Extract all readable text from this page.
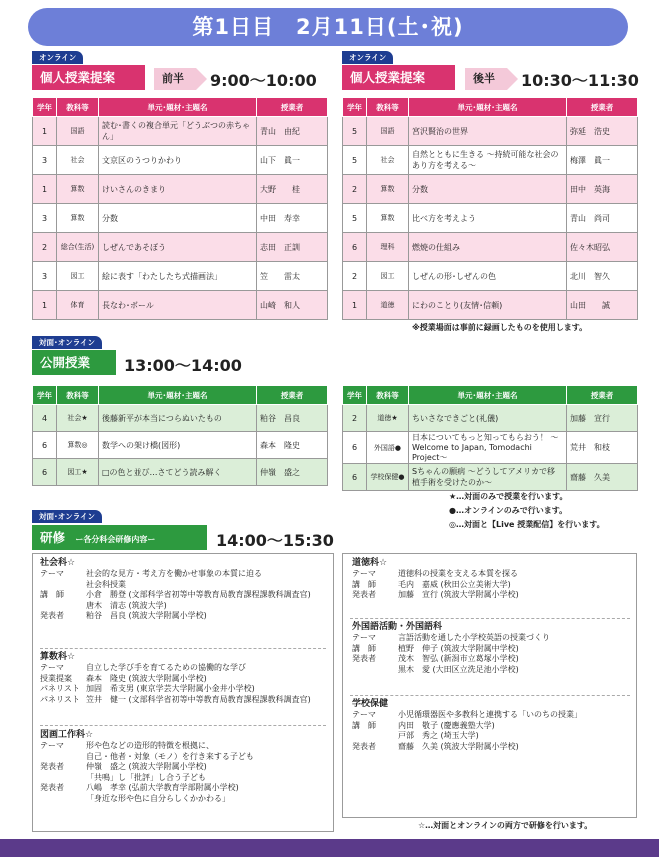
第1日目　2月11日(土･祝)
オンライン
個人授業提案	前半	9:00〜10:00
学年	教科等	単元･題材･主題名	授業者
1	国語	読む･書くの複合単元「どうぶつの赤ちゃん」	青山　由紀
3	社会	文京区のうつりかわり	山下　眞一
1	算数	けいさんのきまり	大野　　桂
3	算数	分数	中田　寿幸
2	総合(生活)	しぜんであそぼう	志田　正訓
3	図工	絵に表す「わたしたち式描画法」	笠　　雷太
1	体育	長なわ･ボール	山崎　和人
オンライン
個人授業提案	後半	10:30〜11:30
学年	教科等	単元･題材･主題名	授業者
5	国語	宮沢賢治の世界	弥延　浩史
5	社会	自然とともに生きる 〜持続可能な社会のあり方を考える〜	梅澤　眞一
2	算数	分数	田中　英海
5	算数	比べ方を考えよう	青山　尚司
6	理科	燃焼の仕組み	佐々木昭弘
2	図工	しぜんの形･しぜんの色	北川　智久
1	道徳	にわのことり(友情･信頼)	山田　　誠
※授業場面は事前に録画したものを使用します。
対面･オンライン
公開授業	13:00〜14:00
学年	教科等	単元･題材･主題名	授業者
4	社会★	後藤新平が本当につらぬいたもの	粕谷　昌良
6	算数◎	数学への架け橋(図形)	森本　隆史
6	図工★	□の色と並び…さてどう読み解く	仲嶺　盛之
学年	教科等	単元･題材･主題名	授業者
2	道徳★	ちいさなできごと(礼儀)	加藤　宣行
6	外国語●	日本についてもっと知ってもらおう！ 〜Welcome to Japan, Tomodachi Project〜	荒井　和枝
6	学校保健●	Sちゃんの願病 〜どうしてアメリカで移植手術を受けたのか〜	齋藤　久美
★…対面のみで授業を行います。
●…オンラインのみで行います。
◎…対面と【Live 授業配信】を行います。
対面･オンライン
研修 ー各分科会研修内容ー	14:00〜15:30
社会科☆
テーマ	社会的な見方・考え方を働かせ事象の本質に迫る
社会科授業
講　師	小倉　勝登 (文部科学省初等中等教育局教育課程課教科調査官)
唐木　清志 (筑波大学)
発表者	粕谷　昌良 (筑波大学附属小学校)
算数科☆
テーマ	自立した学び手を育てるための協働的な学び
授業提案	森本　隆史 (筑波大学附属小学校)
パネリスト 加固　希支男 (東京学芸大学附属小金井小学校)
パネリスト 笠井　健一 (文部科学省初等中等教育局教育課程課教科調査官)
図画工作科☆
テーマ	形や色などの造形的特徴を根拠に、
自己・他者・対象（モノ）を行き来する子ども
発表者	仲嶺　盛之 (筑波大学附属小学校)
「共鳴」し「批評」し合う子ども
発表者	八嶋　孝幸 (弘前大学教育学部附属小学校)
「身近な形や色に自分らしくかかわる」
道徳科☆
テーマ	道徳科の授業を支える本質を探る
講　師	毛内　嘉威 (秋田公立美術大学)
発表者	加藤　宣行 (筑波大学附属小学校)
外国語活動・外国語科
テーマ	言語活動を通した小学校英語の授業づくり
講　師	植野　伸子 (筑波大学附属中学校)
発表者	茂木　智弘 (新潟市立葛塚小学校)
黒木　愛 (大田区立洗足池小学校)
学校保健
テーマ	小児循環器医や多教科と連携する「いのちの授業」
講　師	内田　敬子 (慶應義塾大学)
戸部　秀之 (埼玉大学)
発表者	齋藤　久美 (筑波大学附属小学校)
☆…対面とオンラインの両方で研修を行います。
